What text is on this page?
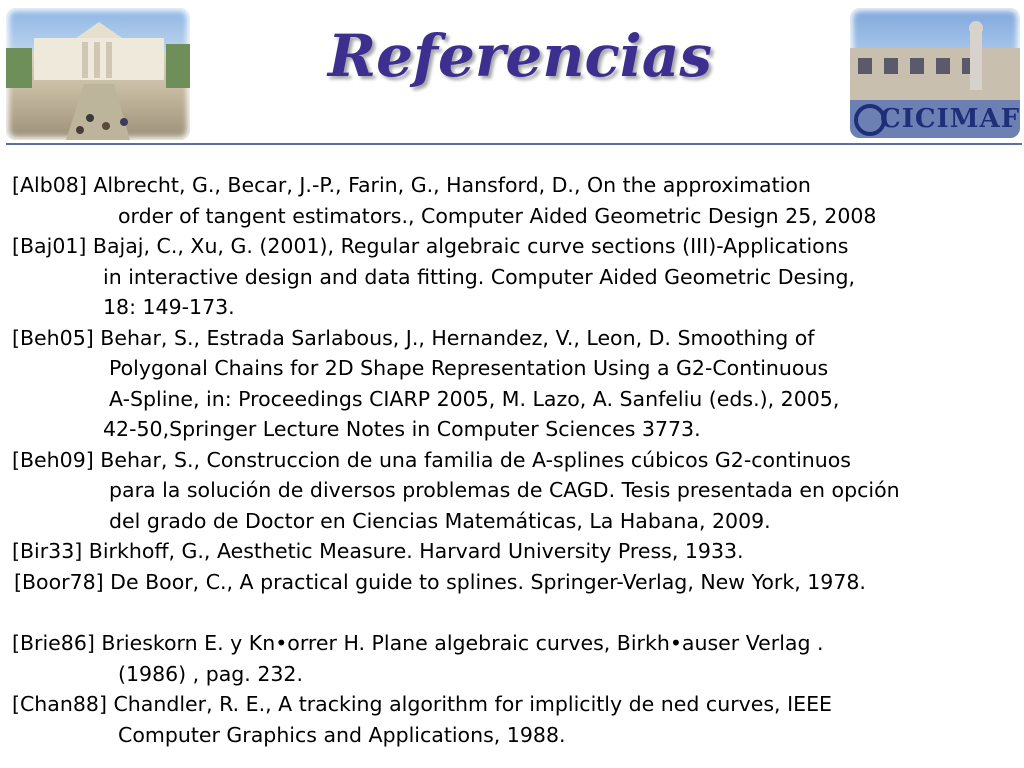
CICIMAF
Referencias
[Alb08] Albrecht, G., Becar, J.-P., Farin, G., Hansford, D., On the approximation
order of tangent estimators., Computer Aided Geometric Design 25, 2008
[Baj01] Bajaj, C., Xu, G. (2001), Regular algebraic curve sections (III)-Applications
in interactive design and data fitting. Computer Aided Geometric Desing,
18: 149-173.
[Beh05] Behar, S., Estrada Sarlabous, J., Hernandez, V., Leon, D. Smoothing of
Polygonal Chains for 2D Shape Representation Using a G2-Continuous
A-Spline, in: Proceedings CIARP 2005, M. Lazo, A. Sanfeliu (eds.), 2005,
42-50,Springer Lecture Notes in Computer Sciences 3773.
[Beh09] Behar, S., Construccion de una familia de A-splines cúbicos G2-continuos
para la solución de diversos problemas de CAGD. Tesis presentada en opción
del grado de Doctor en Ciencias Matemáticas, La Habana, 2009.
[Bir33] Birkhoff, G., Aesthetic Measure. Harvard University Press, 1933.
[Boor78] De Boor, C., A practical guide to splines. Springer-Verlag, New York, 1978.
[Brie86] Brieskorn E. y Kn•orrer H. Plane algebraic curves, Birkh•auser Verlag .
(1986) , pag. 232.
[Chan88] Chandler, R. E., A tracking algorithm for implicitly de ned curves, IEEE
Computer Graphics and Applications, 1988.
